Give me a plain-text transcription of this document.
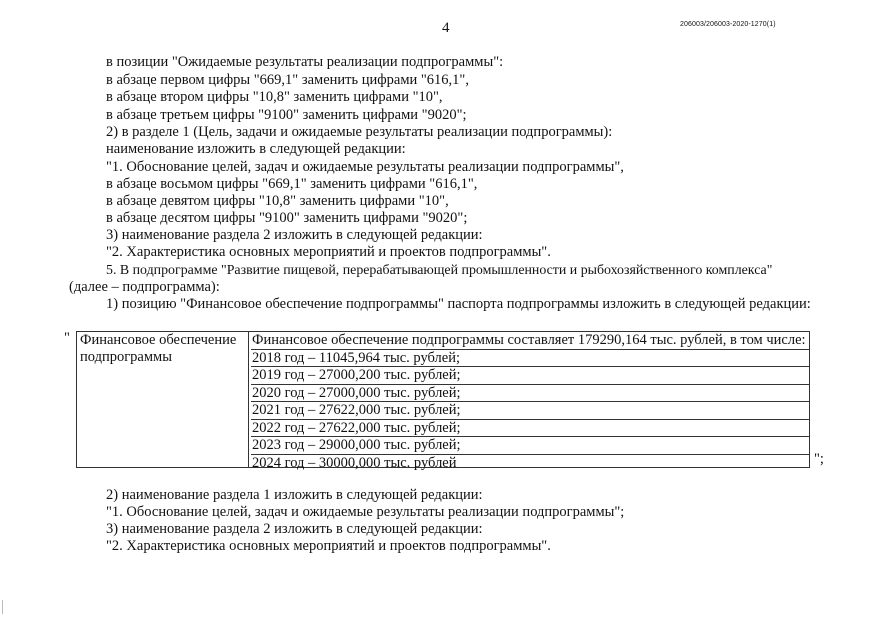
4	206003/206003-2020-1270(1)
в позиции "Ожидаемые результаты реализации подпрограммы":
в абзаце первом цифры "669,1" заменить цифрами "616,1",
в абзаце втором цифры "10,8" заменить цифрами "10",
в абзаце третьем цифры "9100" заменить цифрами "9020";
2) в разделе 1 (Цель, задачи и ожидаемые результаты реализации подпрограммы):
наименование изложить в следующей редакции:
"1. Обоснование целей, задач и ожидаемые результаты реализации подпрограммы",
в абзаце восьмом цифры "669,1" заменить цифрами "616,1",
в абзаце девятом цифры "10,8" заменить цифрами "10",
в абзаце десятом цифры "9100" заменить цифрами "9020";
3) наименование раздела 2 изложить в следующей редакции:
"2. Характеристика основных мероприятий и проектов подпрограммы".
5. В подпрограмме "Развитие пищевой, перерабатывающей промышленности и рыбохозяйственного комплекса"
(далее – подпрограмма):
1) позицию "Финансовое обеспечение подпрограммы" паспорта подпрограммы изложить в следующей редакции:
" Финансовое обеспечение
подпрограммы
Финансовое обеспечение подпрограммы составляет 179290,164 тыс. рублей, в том числе:
2018 год – 11045,964 тыс. рублей;
2019 год – 27000,200 тыс. рублей;
2020 год – 27000,000 тыс. рублей;
2021 год – 27622,000 тыс. рублей;
2022 год – 27622,000 тыс. рублей;
2023 год – 29000,000 тыс. рублей;
2024 год – 30000,000 тыс. рублей	";
2) наименование раздела 1 изложить в следующей редакции:
"1. Обоснование целей, задач и ожидаемые результаты реализации подпрограммы";
3) наименование раздела 2 изложить в следующей редакции:
"2. Характеристика основных мероприятий и проектов подпрограммы".
